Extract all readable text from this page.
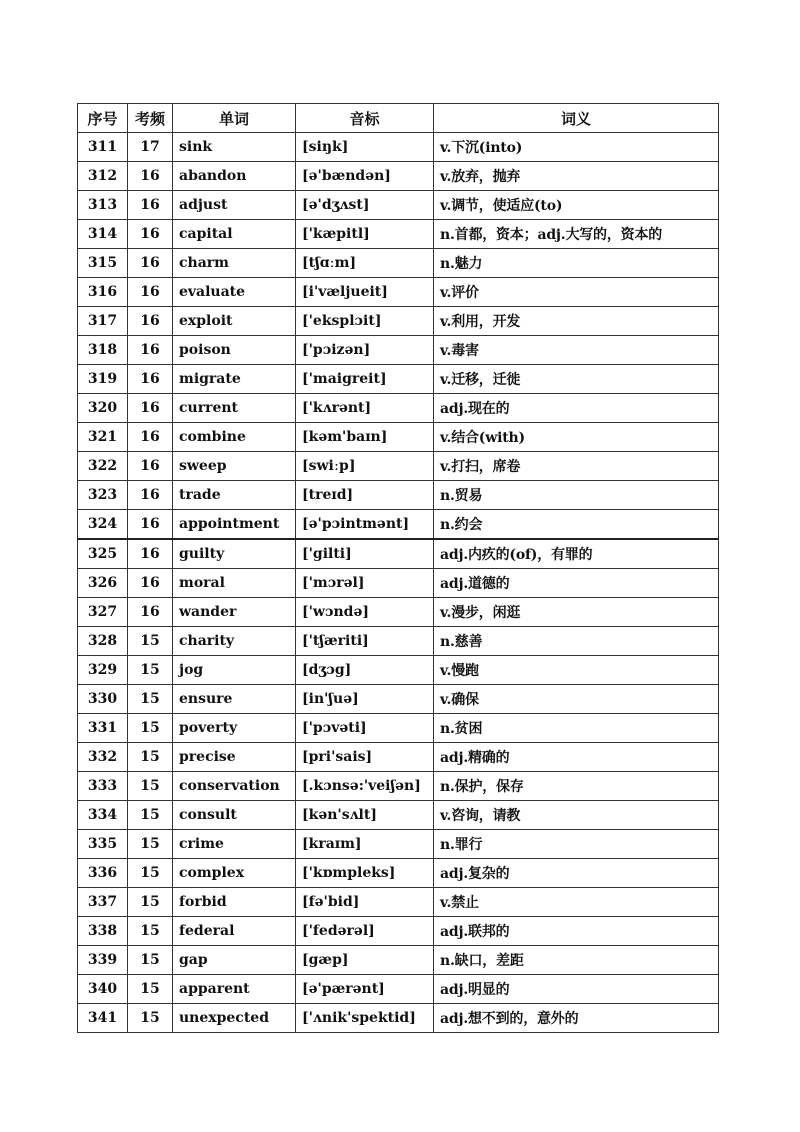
序号	考频	单词	音标	词义
311	17	sink	[siŋk]	v.下沉(into)
312	16	abandon	[ə'bændən]	v.放弃，抛弃
313	16	adjust	[ə'dʒʌst]	v.调节，使适应(to)
314	16	capital	['kæpitl]	n.首都，资本；adj.大写的，资本的
315	16	charm	[tʃɑːm]	n.魅力
316	16	evaluate	[i'væljueit]	v.评价
317	16	exploit	['eksplɔit]	v.利用，开发
318	16	poison	['pɔizən]	v.毒害
319	16	migrate	['maigreit]	v.迁移，迁徙
320	16	current	['kʌrənt]	adj.现在的
321	16	combine	[kəm'baɪn]	v.结合(with)
322	16	sweep	[swiːp]	v.打扫，席卷
323	16	trade	[treɪd]	n.贸易
324	16	appointment	[ə'pɔintmənt]	n.约会
325	16	guilty	['gilti]	adj.内疚的(of)，有罪的
326	16	moral	['mɔrəl]	adj.道德的
327	16	wander	['wɔndə]	v.漫步，闲逛
328	15	charity	['tʃæriti]	n.慈善
329	15	jog	[dʒɔg]	v.慢跑
330	15	ensure	[in'ʃuə]	v.确保
331	15	poverty	['pɔvəti]	n.贫困
332	15	precise	[pri'sais]	adj.精确的
333	15	conservation	[.kɔnsə:'veiʃən]	n.保护，保存
334	15	consult	[kən'sʌlt]	v.咨询，请教
335	15	crime	[kraɪm]	n.罪行
336	15	complex	['kɒmpleks]	adj.复杂的
337	15	forbid	[fə'bid]	v.禁止
338	15	federal	['fedərəl]	adj.联邦的
339	15	gap	[gæp]	n.缺口，差距
340	15	apparent	[ə'pærənt]	adj.明显的
341	15	unexpected	['ʌnik'spektid]	adj.想不到的，意外的
